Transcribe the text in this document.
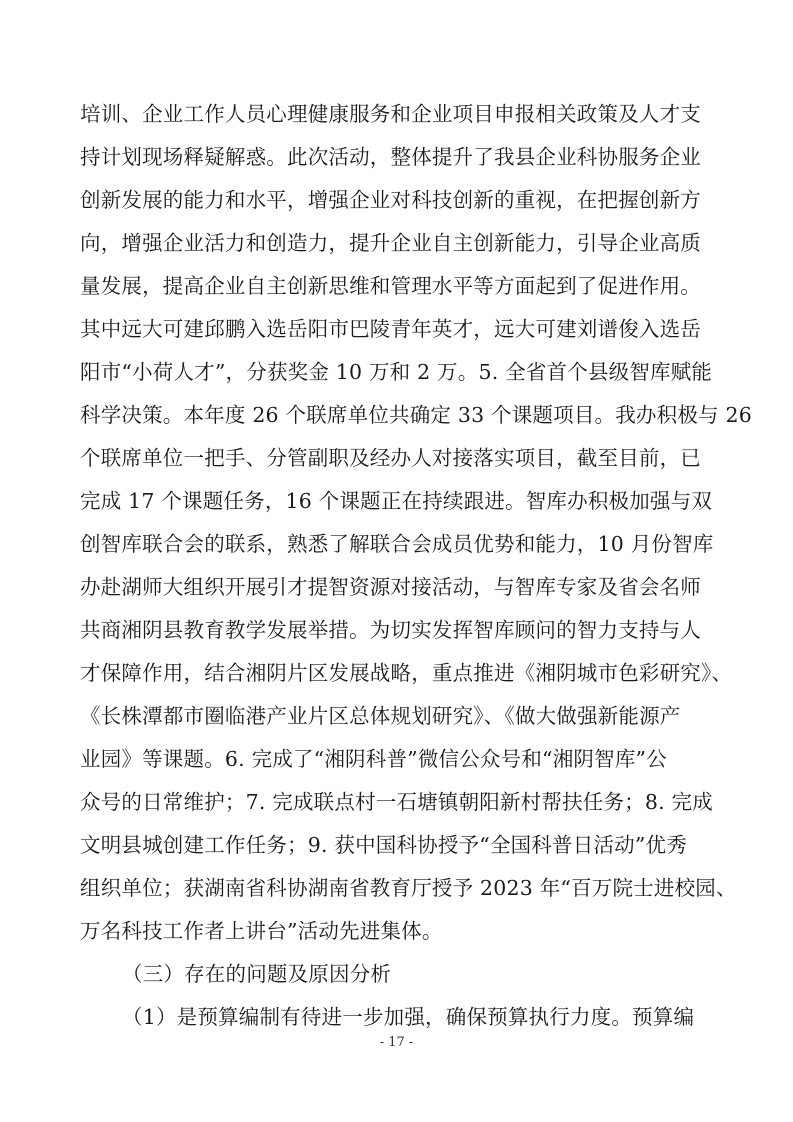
培训、企业工作人员心理健康服务和企业项目申报相关政策及人才支
持计划现场释疑解惑。此次活动，整体提升了我县企业科协服务企业
创新发展的能力和水平，增强企业对科技创新的重视，在把握创新方
向，增强企业活力和创造力，提升企业自主创新能力，引导企业高质
量发展，提高企业自主创新思维和管理水平等方面起到了促进作用。
其中远大可建邱鹏入选岳阳市巴陵青年英才，远大可建刘谱俊入选岳
阳市“小荷人才”，分获奖金 10 万和 2 万。5. 全省首个县级智库赋能
科学决策。本年度 26 个联席单位共确定 33 个课题项目。我办积极与 26
个联席单位一把手、分管副职及经办人对接落实项目，截至目前，已
完成 17 个课题任务，16 个课题正在持续跟进。智库办积极加强与双
创智库联合会的联系，熟悉了解联合会成员优势和能力，10 月份智库
办赴湖师大组织开展引才提智资源对接活动，与智库专家及省会名师
共商湘阴县教育教学发展举措。为切实发挥智库顾问的智力支持与人
才保障作用，结合湘阴片区发展战略，重点推进《湘阴城市色彩研究》、
《长株潭都市圈临港产业片区总体规划研究》、《做大做强新能源产
业园》等课题。6. 完成了“湘阴科普”微信公众号和“湘阴智库”公
众号的日常维护；7. 完成联点村一石塘镇朝阳新村帮扶任务；8. 完成
文明县城创建工作任务；9. 获中国科协授予“全国科普日活动”优秀
组织单位；获湖南省科协湖南省教育厅授予 2023 年“百万院士进校园、
万名科技工作者上讲台”活动先进集体。
（三）存在的问题及原因分析
（1）是预算编制有待进一步加强，确保预算执行力度。预算编
- 17 -
